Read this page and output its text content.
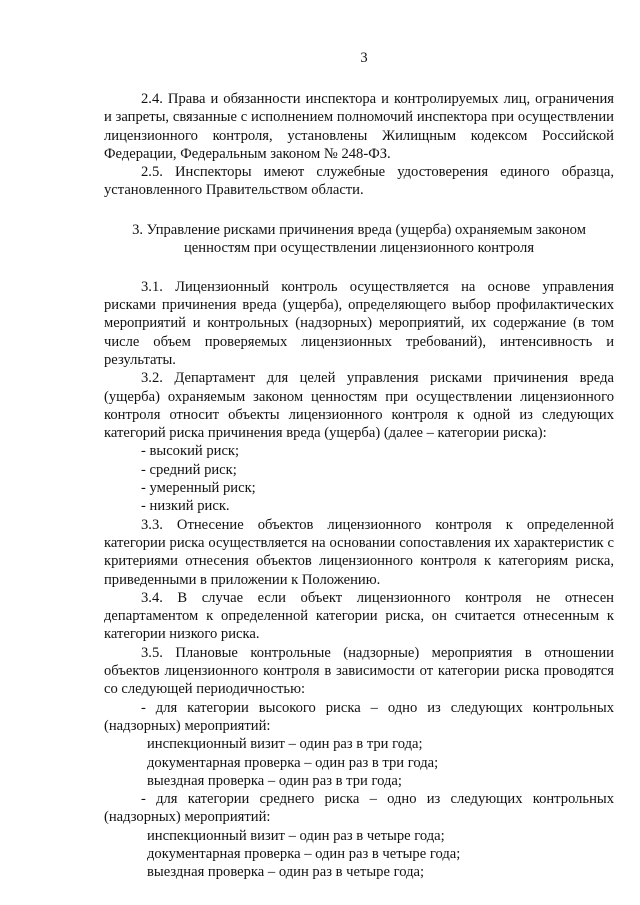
3

2.4. Права и обязанности инспектора и контролируемых лиц, ограничения и запреты, связанные с исполнением полномочий инспектора при осуществлении лицензионного контроля, установлены Жилищным кодексом Российской Федерации, Федеральным законом № 248-ФЗ.

2.5. Инспекторы имеют служебные удостоверения единого образца, установленного Правительством области.

3. Управление рисками причинения вреда (ущерба) охраняемым законом ценностям при осуществлении лицензионного контроля

3.1. Лицензионный контроль осуществляется на основе управления рисками причинения вреда (ущерба), определяющего выбор профилактических мероприятий и контрольных (надзорных) мероприятий, их содержание (в том числе объем проверяемых лицензионных требований), интенсивность и результаты.

3.2. Департамент для целей управления рисками причинения вреда (ущерба) охраняемым законом ценностям при осуществлении лицензионного контроля относит объекты лицензионного контроля к одной из следующих категорий риска причинения вреда (ущерба) (далее – категории риска):

- высокий риск;

- средний риск;

- умеренный риск;

- низкий риск.

3.3. Отнесение объектов лицензионного контроля к определенной категории риска осуществляется на основании сопоставления их характеристик с критериями отнесения объектов лицензионного контроля к категориям риска, приведенными в приложении к Положению.

3.4. В случае если объект лицензионного контроля не отнесен департаментом к определенной категории риска, он считается отнесенным к категории низкого риска.

3.5. Плановые контрольные (надзорные) мероприятия в отношении объектов лицензионного контроля в зависимости от категории риска проводятся со следующей периодичностью:

- для категории высокого риска – одно из следующих контрольных (надзорных) мероприятий:

инспекционный визит – один раз в три года;

документарная проверка – один раз в три года;

выездная проверка – один раз в три года;

- для категории среднего риска – одно из следующих контрольных (надзорных) мероприятий:

инспекционный визит – один раз в четыре года;

документарная проверка – один раз в четыре года;

выездная проверка – один раз в четыре года;
